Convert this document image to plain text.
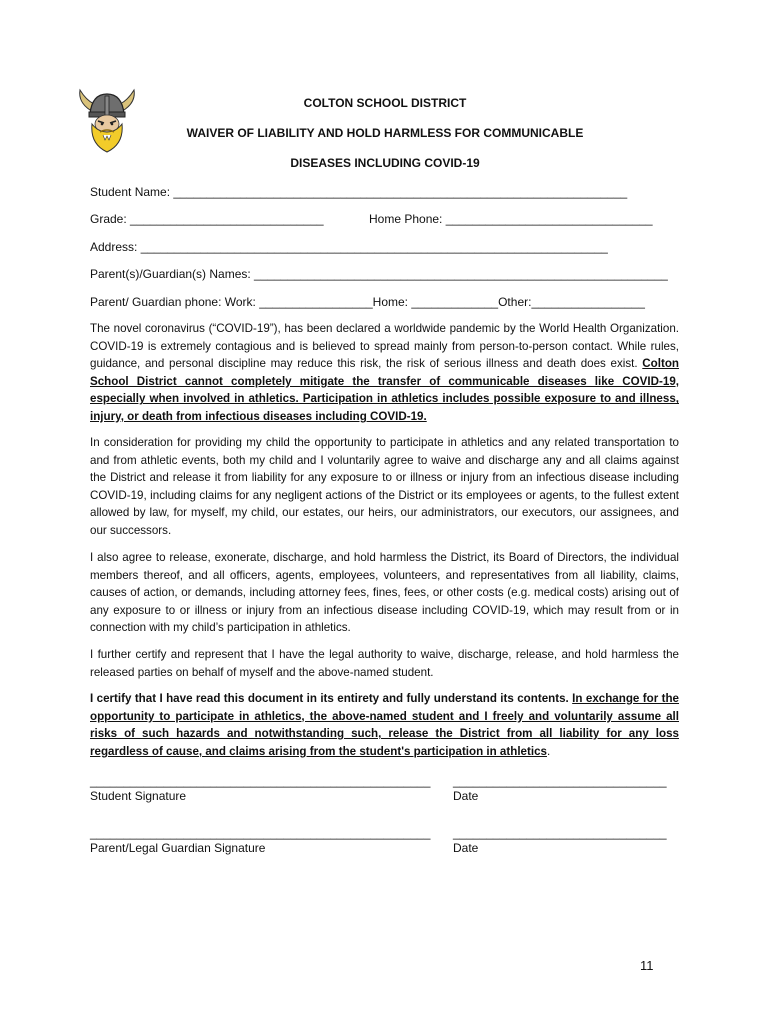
COLTON SCHOOL DISTRICT
WAIVER OF LIABILITY AND HOLD HARMLESS FOR COMMUNICABLE
DISEASES INCLUDING COVID-19
Student Name: ____________________________________________________________________
Grade: _____________________________	Home Phone: _______________________________
Address: ______________________________________________________________________
Parent(s)/Guardian(s) Names: ______________________________________________________________
Parent/ Guardian phone: Work: _________________Home: _____________Other:_________________

The novel coronavirus (“COVID-19”), has been declared a worldwide pandemic by the World Health Organization. COVID-19 is extremely contagious and is believed to spread mainly from person-to-person contact. While rules, guidance, and personal discipline may reduce this risk, the risk of serious illness and death does exist. Colton School District cannot completely mitigate the transfer of communicable diseases like COVID-19, especially when involved in athletics. Participation in athletics includes possible exposure to and illness, injury, or death from infectious diseases including COVID-19.

In consideration for providing my child the opportunity to participate in athletics and any related transportation to and from athletic events, both my child and I voluntarily agree to waive and discharge any and all claims against the District and release it from liability for any exposure to or illness or injury from an infectious disease including COVID-19, including claims for any negligent actions of the District or its employees or agents, to the fullest extent allowed by law, for myself, my child, our estates, our heirs, our administrators, our executors, our assignees, and our successors.

I also agree to release, exonerate, discharge, and hold harmless the District, its Board of Directors, the individual members thereof, and all officers, agents, employees, volunteers, and representatives from all liability, claims, causes of action, or demands, including attorney fees, fines, fees, or other costs (e.g. medical costs) arising out of any exposure to or illness or injury from an infectious disease including COVID-19, which may result from or in connection with my child’s participation in athletics.

I further certify and represent that I have the legal authority to waive, discharge, release, and hold harmless the released parties on behalf of myself and the above-named student.

I certify that I have read this document in its entirety and fully understand its contents. In exchange for the opportunity to participate in athletics, the above-named student and I freely and voluntarily assume all risks of such hazards and notwithstanding such, release the District from all liability for any loss regardless of cause, and claims arising from the student's participation in athletics.

___________________________________________________
Student Signature
________________________________
Date
___________________________________________________
Parent/Legal Guardian Signature
________________________________
Date
11
